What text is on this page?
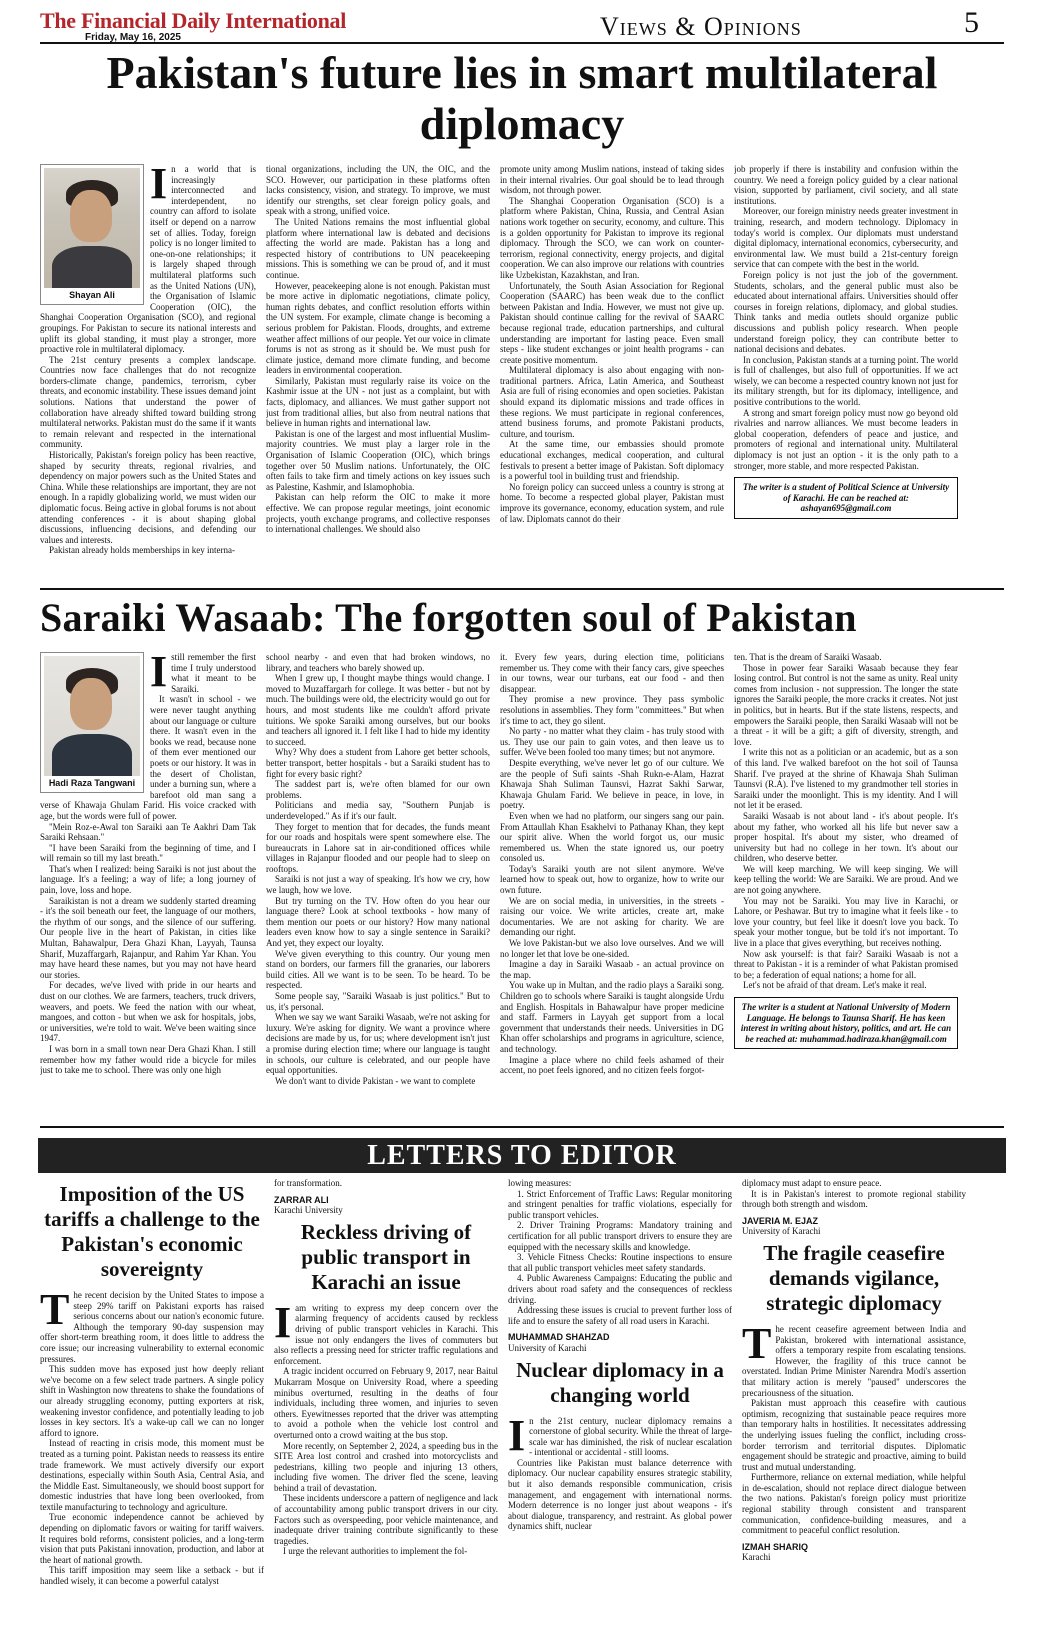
The Financial Daily International
Friday, May 16, 2025	Views & Opinions	5
Pakistan's future lies in smart multilateral diplomacy
Shayan Ali
I n a world that is increasingly interconnected and interdependent, no country can afford to isolate itself or depend on a narrow set of allies. Today, foreign policy is no longer limited to one-on-one relationships; it is largely shaped through multilateral platforms such as the United Nations (UN), the Organisation of Islamic Cooperation (OIC), the Shanghai Cooperation Organisation (SCO), and regional groupings. For Pakistan to secure its national interests and uplift its global standing, it must play a stronger, more proactive role in multilateral diplomacy.

The 21st century presents a complex landscape. Countries now face challenges that do not recognize borders-climate change, pandemics, terrorism, cyber threats, and economic instability. These issues demand joint solutions. Nations that understand the power of collaboration have already shifted toward building strong multilateral networks. Pakistan must do the same if it wants to remain relevant and respected in the international community.

Historically, Pakistan's foreign policy has been reactive, shaped by security threats, regional rivalries, and dependency on major powers such as the United States and China. While these relationships are important, they are not enough. In a rapidly globalizing world, we must widen our diplomatic focus. Being active in global forums is not about attending conferences - it is about shaping global discussions, influencing decisions, and defending our values and interests.

Pakistan already holds memberships in key interna-

tional organizations, including the UN, the OIC, and the SCO. However, our participation in these platforms often lacks consistency, vision, and strategy. To improve, we must identify our strengths, set clear foreign policy goals, and speak with a strong, unified voice.

The United Nations remains the most influential global platform where international law is debated and decisions affecting the world are made. Pakistan has a long and respected history of contributions to UN peacekeeping missions. This is something we can be proud of, and it must continue.

However, peacekeeping alone is not enough. Pakistan must be more active in diplomatic negotiations, climate policy, human rights debates, and conflict resolution efforts within the UN system. For example, climate change is becoming a serious problem for Pakistan. Floods, droughts, and extreme weather affect millions of our people. Yet our voice in climate forums is not as strong as it should be. We must push for climate justice, demand more climate funding, and become leaders in environmental cooperation.

Similarly, Pakistan must regularly raise its voice on the Kashmir issue at the UN - not just as a complaint, but with facts, diplomacy, and alliances. We must gather support not just from traditional allies, but also from neutral nations that believe in human rights and international law.

Pakistan is one of the largest and most influential Muslim-majority countries. We must play a larger role in the Organisation of Islamic Cooperation (OIC), which brings together over 50 Muslim nations. Unfortunately, the OIC often fails to take firm and timely actions on key issues such as Palestine, Kashmir, and Islamophobia.

Pakistan can help reform the OIC to make it more effective. We can propose regular meetings, joint economic projects, youth exchange programs, and collective responses to international challenges. We should also

promote unity among Muslim nations, instead of taking sides in their internal rivalries. Our goal should be to lead through wisdom, not through power.

The Shanghai Cooperation Organisation (SCO) is a platform where Pakistan, China, Russia, and Central Asian nations work together on security, economy, and culture. This is a golden opportunity for Pakistan to improve its regional diplomacy. Through the SCO, we can work on counter-terrorism, regional connectivity, energy projects, and digital cooperation. We can also improve our relations with countries like Uzbekistan, Kazakhstan, and Iran.

Unfortunately, the South Asian Association for Regional Cooperation (SAARC) has been weak due to the conflict between Pakistan and India. However, we must not give up. Pakistan should continue calling for the revival of SAARC because regional trade, education partnerships, and cultural understanding are important for lasting peace. Even small steps - like student exchanges or joint health programs - can create positive momentum.

Multilateral diplomacy is also about engaging with non-traditional partners. Africa, Latin America, and Southeast Asia are full of rising economies and open societies. Pakistan should expand its diplomatic missions and trade offices in these regions. We must participate in regional conferences, attend business forums, and promote Pakistani products, culture, and tourism.

At the same time, our embassies should promote educational exchanges, medical cooperation, and cultural festivals to present a better image of Pakistan. Soft diplomacy is a powerful tool in building trust and friendship.

No foreign policy can succeed unless a country is strong at home. To become a respected global player, Pakistan must improve its governance, economy, education system, and rule of law. Diplomats cannot do their

job properly if there is instability and confusion within the country. We need a foreign policy guided by a clear national vision, supported by parliament, civil society, and all state institutions.

Moreover, our foreign ministry needs greater investment in training, research, and modern technology. Diplomacy in today's world is complex. Our diplomats must understand digital diplomacy, international economics, cybersecurity, and environmental law. We must build a 21st-century foreign service that can compete with the best in the world.

Foreign policy is not just the job of the government. Students, scholars, and the general public must also be educated about international affairs. Universities should offer courses in foreign relations, diplomacy, and global studies. Think tanks and media outlets should organize public discussions and publish policy research. When people understand foreign policy, they can contribute better to national decisions and debates.

In conclusion, Pakistan stands at a turning point. The world is full of challenges, but also full of opportunities. If we act wisely, we can become a respected country known not just for its military strength, but for its diplomacy, intelligence, and positive contributions to the world.

A strong and smart foreign policy must now go beyond old rivalries and narrow alliances. We must become leaders in global cooperation, defenders of peace and justice, and promoters of regional and international unity. Multilateral diplomacy is not just an option - it is the only path to a stronger, more stable, and more respected Pakistan.

The writer is a student of Political Science at University of Karachi. He can be reached at: ashayan695@gmail.com
Saraiki Wasaab: The forgotten soul of Pakistan
Hadi Raza Tangwani
I still remember the first time I truly understood what it meant to be Saraiki.

It wasn't in school - we were never taught anything about our language or culture there. It wasn't even in the books we read, because none of them ever mentioned our poets or our history. It was in the desert of Cholistan, under a burning sun, where a barefoot old man sang a verse of Khawaja Ghulam Farid. His voice cracked with age, but the words were full of power.

"Mein Roz-e-Awal ton Saraiki aan Te Aakhri Dam Tak Saraiki Rehsaan."

"I have been Saraiki from the beginning of time, and I will remain so till my last breath."

That's when I realized: being Saraiki is not just about the language. It's a feeling; a way of life; a long journey of pain, love, loss and hope.

Saraikistan is not a dream we suddenly started dreaming - it's the soil beneath our feet, the language of our mothers, the rhythm of our songs, and the silence of our suffering. Our people live in the heart of Pakistan, in cities like Multan, Bahawalpur, Dera Ghazi Khan, Layyah, Taunsa Sharif, Muzaffargarh, Rajanpur, and Rahim Yar Khan. You may have heard these names, but you may not have heard our stories.

For decades, we've lived with pride in our hearts and dust on our clothes. We are farmers, teachers, truck drivers, weavers, and poets. We feed the nation with our wheat, mangoes, and cotton - but when we ask for hospitals, jobs, or universities, we're told to wait. We've been waiting since 1947.

I was born in a small town near Dera Ghazi Khan. I still remember how my father would ride a bicycle for miles just to take me to school. There was only one high

school nearby - and even that had broken windows, no library, and teachers who barely showed up.

When I grew up, I thought maybe things would change. I moved to Muzaffargarh for college. It was better - but not by much. The buildings were old, the electricity would go out for hours, and most students like me couldn't afford private tuitions. We spoke Saraiki among ourselves, but our books and teachers all ignored it. I felt like I had to hide my identity to succeed.

Why? Why does a student from Lahore get better schools, better transport, better hospitals - but a Saraiki student has to fight for every basic right?

The saddest part is, we're often blamed for our own problems.

Politicians and media say, "Southern Punjab is underdeveloped." As if it's our fault.

They forget to mention that for decades, the funds meant for our roads and hospitals were spent somewhere else. The bureaucrats in Lahore sat in air-conditioned offices while villages in Rajanpur flooded and our people had to sleep on rooftops.

Saraiki is not just a way of speaking. It's how we cry, how we laugh, how we love.

But try turning on the TV. How often do you hear our language there? Look at school textbooks - how many of them mention our poets or our history? How many national leaders even know how to say a single sentence in Saraiki? And yet, they expect our loyalty.

We've given everything to this country. Our young men stand on borders, our farmers fill the granaries, our laborers build cities. All we want is to be seen. To be heard. To be respected.

Some people say, "Saraiki Wasaab is just politics." But to us, it's personal.

When we say we want Saraiki Wasaab, we're not asking for luxury. We're asking for dignity. We want a province where decisions are made by us, for us; where development isn't just a promise during election time; where our language is taught in schools, our culture is celebrated, and our people have equal opportunities.

We don't want to divide Pakistan - we want to complete

it. Every few years, during election time, politicians remember us. They come with their fancy cars, give speeches in our towns, wear our turbans, eat our food - and then disappear.

They promise a new province. They pass symbolic resolutions in assemblies. They form "committees." But when it's time to act, they go silent.

No party - no matter what they claim - has truly stood with us. They use our pain to gain votes, and then leave us to suffer. We've been fooled too many times; but not anymore.

Despite everything, we've never let go of our culture. We are the people of Sufi saints -Shah Rukn-e-Alam, Hazrat Khawaja Shah Suliman Taunsvi, Hazrat Sakhi Sarwar, Khawaja Ghulam Farid. We believe in peace, in love, in poetry.

Even when we had no platform, our singers sang our pain. From Attaullah Khan Esakhelvi to Pathanay Khan, they kept our spirit alive. When the world forgot us, our music remembered us. When the state ignored us, our poetry consoled us.

Today's Saraiki youth are not silent anymore. We've learned how to speak out, how to organize, how to write our own future.

We are on social media, in universities, in the streets - raising our voice. We write articles, create art, make documentaries. We are not asking for charity. We are demanding our right.

We love Pakistan-but we also love ourselves. And we will no longer let that love be one-sided.

Imagine a day in Saraiki Wasaab - an actual province on the map.

You wake up in Multan, and the radio plays a Saraiki song. Children go to schools where Saraiki is taught alongside Urdu and English. Hospitals in Bahawalpur have proper medicine and staff. Farmers in Layyah get support from a local government that understands their needs. Universities in DG Khan offer scholarships and programs in agriculture, science, and technology.

Imagine a place where no child feels ashamed of their accent, no poet feels ignored, and no citizen feels forgot-

ten. That is the dream of Saraiki Wasaab.

Those in power fear Saraiki Wasaab because they fear losing control. But control is not the same as unity. Real unity comes from inclusion - not suppression. The longer the state ignores the Saraiki people, the more cracks it creates. Not just in politics, but in hearts. But if the state listens, respects, and empowers the Saraiki people, then Saraiki Wasaab will not be a threat - it will be a gift; a gift of diversity, strength, and love.

I write this not as a politician or an academic, but as a son of this land. I've walked barefoot on the hot soil of Taunsa Sharif. I've prayed at the shrine of Khawaja Shah Suliman Taunsvi (R.A). I've listened to my grandmother tell stories in Saraiki under the moonlight. This is my identity. And I will not let it be erased.

Saraiki Wasaab is not about land - it's about people. It's about my father, who worked all his life but never saw a proper hospital. It's about my sister, who dreamed of university but had no college in her town. It's about our children, who deserve better.

We will keep marching. We will keep singing. We will keep telling the world: We are Saraiki. We are proud. And we are not going anywhere.

You may not be Saraiki. You may live in Karachi, or Lahore, or Peshawar. But try to imagine what it feels like - to love your country, but feel like it doesn't love you back. To speak your mother tongue, but be told it's not important. To live in a place that gives everything, but receives nothing.

Now ask yourself: is that fair? Saraiki Wasaab is not a threat to Pakistan - it is a reminder of what Pakistan promised to be; a federation of equal nations; a home for all.

Let's not be afraid of that dream. Let's make it real.

The writer is a student at National University of Modern Language. He belongs to Taunsa Sharif. He has keen interest in writing about history, politics, and art. He can be reached at: muhammad.hadiraza.khan@gmail.com
LETTERS TO EDITOR
Imposition of the US tariffs a challenge to the Pakistan's economic sovereignty
T he recent decision by the United States to impose a steep 29% tariff on Pakistani exports has raised serious concerns about our nation's economic future. Although the temporary 90-day suspension may offer short-term breathing room, it does little to address the core issue; our increasing vulnerability to external economic pressures.

This sudden move has exposed just how deeply reliant we've become on a few select trade partners. A single policy shift in Washington now threatens to shake the foundations of our already struggling economy, putting exporters at risk, weakening investor confidence, and potentially leading to job losses in key sectors. It's a wake-up call we can no longer afford to ignore.

Instead of reacting in crisis mode, this moment must be treated as a turning point. Pakistan needs to reassess its entire trade framework. We must actively diversify our export destinations, especially within South Asia, Central Asia, and the Middle East. Simultaneously, we should boost support for domestic industries that have long been overlooked, from textile manufacturing to technology and agriculture.

True economic independence cannot be achieved by depending on diplomatic favors or waiting for tariff waivers. It requires bold reforms, consistent policies, and a long-term vision that puts Pakistani innovation, production, and labor at the heart of national growth.

This tariff imposition may seem like a setback - but if handled wisely, it can become a powerful catalyst

for transformation.

ZARRAR ALI

Karachi University

Reckless driving of public transport in Karachi an issue
I am writing to express my deep concern over the alarming frequency of accidents caused by reckless driving of public transport vehicles in Karachi. This issue not only endangers the lives of commuters but also reflects a pressing need for stricter traffic regulations and enforcement.

A tragic incident occurred on February 9, 2017, near Baitul Mukarram Mosque on University Road, where a speeding minibus overturned, resulting in the deaths of four individuals, including three women, and injuries to seven others. Eyewitnesses reported that the driver was attempting to avoid a pothole when the vehicle lost control and overturned onto a crowd waiting at the bus stop.

More recently, on September 2, 2024, a speeding bus in the SITE Area lost control and crashed into motorcyclists and pedestrians, killing two people and injuring 13 others, including five women. The driver fled the scene, leaving behind a trail of devastation.

These incidents underscore a pattern of negligence and lack of accountability among public transport drivers in our city. Factors such as overspeeding, poor vehicle maintenance, and inadequate driver training contribute significantly to these tragedies.

I urge the relevant authorities to implement the fol-

lowing measures:

1. Strict Enforcement of Traffic Laws: Regular monitoring and stringent penalties for traffic violations, especially for public transport vehicles.

2. Driver Training Programs: Mandatory training and certification for all public transport drivers to ensure they are equipped with the necessary skills and knowledge.

3. Vehicle Fitness Checks: Routine inspections to ensure that all public transport vehicles meet safety standards.

4. Public Awareness Campaigns: Educating the public and drivers about road safety and the consequences of reckless driving.

Addressing these issues is crucial to prevent further loss of life and to ensure the safety of all road users in Karachi.

MUHAMMAD SHAHZAD

University of Karachi

Nuclear diplomacy in a changing world
I n the 21st century, nuclear diplomacy remains a cornerstone of global security. While the threat of large-scale war has diminished, the risk of nuclear escalation - intentional or accidental - still looms.

Countries like Pakistan must balance deterrence with diplomacy. Our nuclear capability ensures strategic stability, but it also demands responsible communication, crisis management, and engagement with international norms. Modern deterrence is no longer just about weapons - it's about dialogue, transparency, and restraint. As global power dynamics shift, nuclear

diplomacy must adapt to ensure peace.

It is in Pakistan's interest to promote regional stability through both strength and wisdom.

JAVERIA M. EJAZ

University of Karachi

The fragile ceasefire demands vigilance, strategic diplomacy
T he recent ceasefire agreement between India and Pakistan, brokered with international assistance, offers a temporary respite from escalating tensions. However, the fragility of this truce cannot be overstated. Indian Prime Minister Narendra Modi's assertion that military action is merely "paused" underscores the precariousness of the situation.

Pakistan must approach this ceasefire with cautious optimism, recognizing that sustainable peace requires more than temporary halts in hostilities. It necessitates addressing the underlying issues fueling the conflict, including cross-border terrorism and territorial disputes. Diplomatic engagement should be strategic and proactive, aiming to build trust and mutual understanding.

Furthermore, reliance on external mediation, while helpful in de-escalation, should not replace direct dialogue between the two nations. Pakistan's foreign policy must prioritize regional stability through consistent and transparent communication, confidence-building measures, and a commitment to peaceful conflict resolution.

IZMAH SHARIQ

Karachi
